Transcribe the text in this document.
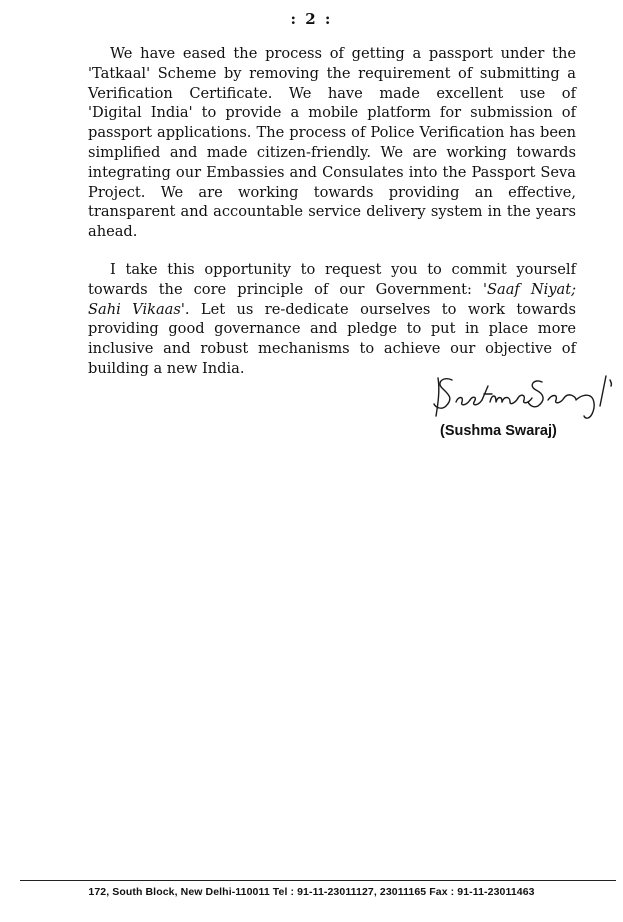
: 2 :
We have eased the process of getting a passport under the
'Tatkaal' Scheme by removing the requirement of submitting a
Verification Certificate. We have made excellent use of
'Digital India' to provide a mobile platform for submission of
passport applications. The process of Police Verification has been
simplified and made citizen-friendly. We are working towards
integrating our Embassies and Consulates into the Passport Seva
Project. We are working towards providing an effective,
transparent and accountable service delivery system in the years
ahead.
I take this opportunity to request you to commit yourself
towards the core principle of our Government: 'Saaf Niyat;
Sahi Vikaas'. Let us re-dedicate ourselves to work towards
providing good governance and pledge to put in place more
inclusive and robust mechanisms to achieve our objective of
building a new India.
(Sushma Swaraj)
172, South Block, New Delhi-110011 Tel : 91-11-23011127, 23011165 Fax : 91-11-23011463
